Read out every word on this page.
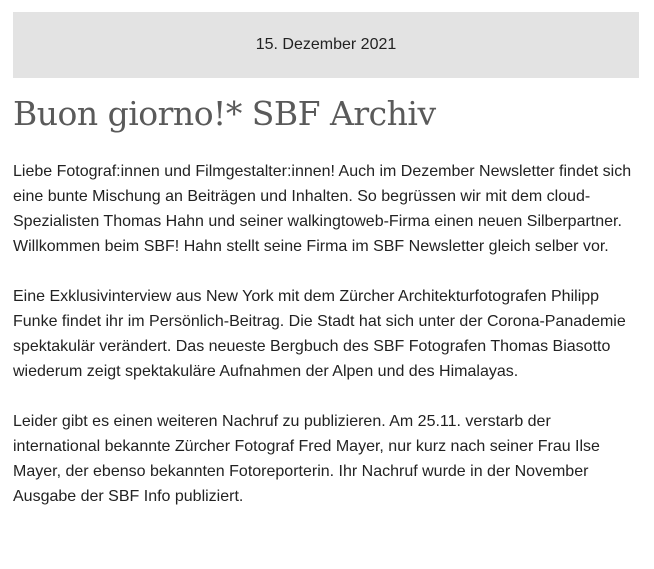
15. Dezember 2021
Buon giorno!* SBF Archiv

Liebe Fotograf:innen und Filmgestalter:innen! Auch im Dezember Newsletter findet sich eine bunte Mischung an Beiträgen und Inhalten. So begrüssen wir mit dem cloud-Spezialisten Thomas Hahn und seiner walkingtoweb-Firma einen neuen Silberpartner. Willkommen beim SBF! Hahn stellt seine Firma im SBF Newsletter gleich selber vor.

Eine Exklusivinterview aus New York mit dem Zürcher Architekturfotografen Philipp Funke findet ihr im Persönlich-Beitrag. Die Stadt hat sich unter der Corona-Panademie spektakulär verändert. Das neueste Bergbuch des SBF Fotografen Thomas Biasotto wiederum zeigt spektakuläre Aufnahmen der Alpen und des Himalayas.

Leider gibt es einen weiteren Nachruf zu publizieren. Am 25.11. verstarb der international bekannte Zürcher Fotograf Fred Mayer, nur kurz nach seiner Frau Ilse Mayer, der ebenso bekannten Fotoreporterin. Ihr Nachruf wurde in der November Ausgabe der SBF Info publiziert.
